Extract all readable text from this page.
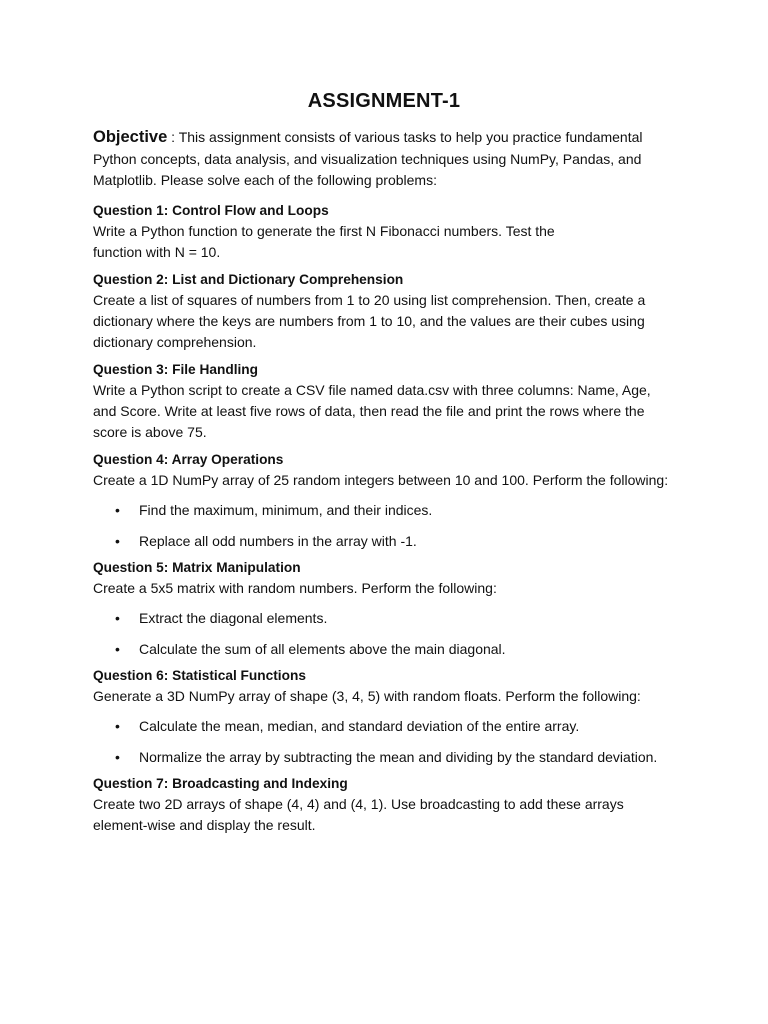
ASSIGNMENT-1

Objective : This assignment consists of various tasks to help you practice fundamental Python concepts, data analysis, and visualization techniques using NumPy, Pandas, and Matplotlib. Please solve each of the following problems:

Question 1: Control Flow and Loops
Write a Python function to generate the first N Fibonacci numbers. Test the function with N = 10.
Question 2: List and Dictionary Comprehension
Create a list of squares of numbers from 1 to 20 using list comprehension. Then, create a dictionary where the keys are numbers from 1 to 10, and the values are their cubes using dictionary comprehension.
Question 3: File Handling
Write a Python script to create a CSV file named data.csv with three columns: Name, Age, and Score. Write at least five rows of data, then read the file and print the rows where the score is above 75.
Question 4: Array Operations
Create a 1D NumPy array of 25 random integers between 10 and 100. Perform the following:
• Find the maximum, minimum, and their indices.
• Replace all odd numbers in the array with -1.
Question 5: Matrix Manipulation
Create a 5x5 matrix with random numbers. Perform the following:
• Extract the diagonal elements.
• Calculate the sum of all elements above the main diagonal.
Question 6: Statistical Functions
Generate a 3D NumPy array of shape (3, 4, 5) with random floats. Perform the following:
• Calculate the mean, median, and standard deviation of the entire array.
• Normalize the array by subtracting the mean and dividing by the standard deviation.
Question 7: Broadcasting and Indexing
Create two 2D arrays of shape (4, 4) and (4, 1). Use broadcasting to add these arrays element-wise and display the result.
